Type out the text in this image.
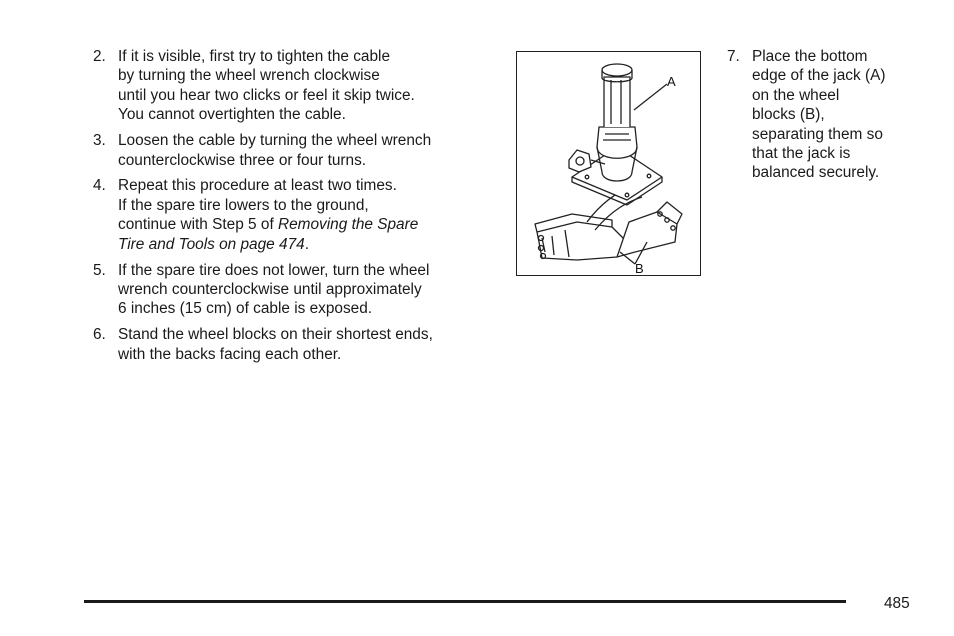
2. If it is visible, first try to tighten the cable
by turning the wheel wrench clockwise
until you hear two clicks or feel it skip twice.
You cannot overtighten the cable.
3. Loosen the cable by turning the wheel wrench
counterclockwise three or four turns.
4. Repeat this procedure at least two times.
If the spare tire lowers to the ground,
continue with Step 5 of Removing the Spare
Tire and Tools on page 474.
5. If the spare tire does not lower, turn the wheel
wrench counterclockwise until approximately
6 inches (15 cm) of cable is exposed.
6. Stand the wheel blocks on their shortest ends,
with the backs facing each other.
A
B
7. Place the bottom
edge of the jack (A)
on the wheel
blocks (B),
separating them so
that the jack is
balanced securely.
485
